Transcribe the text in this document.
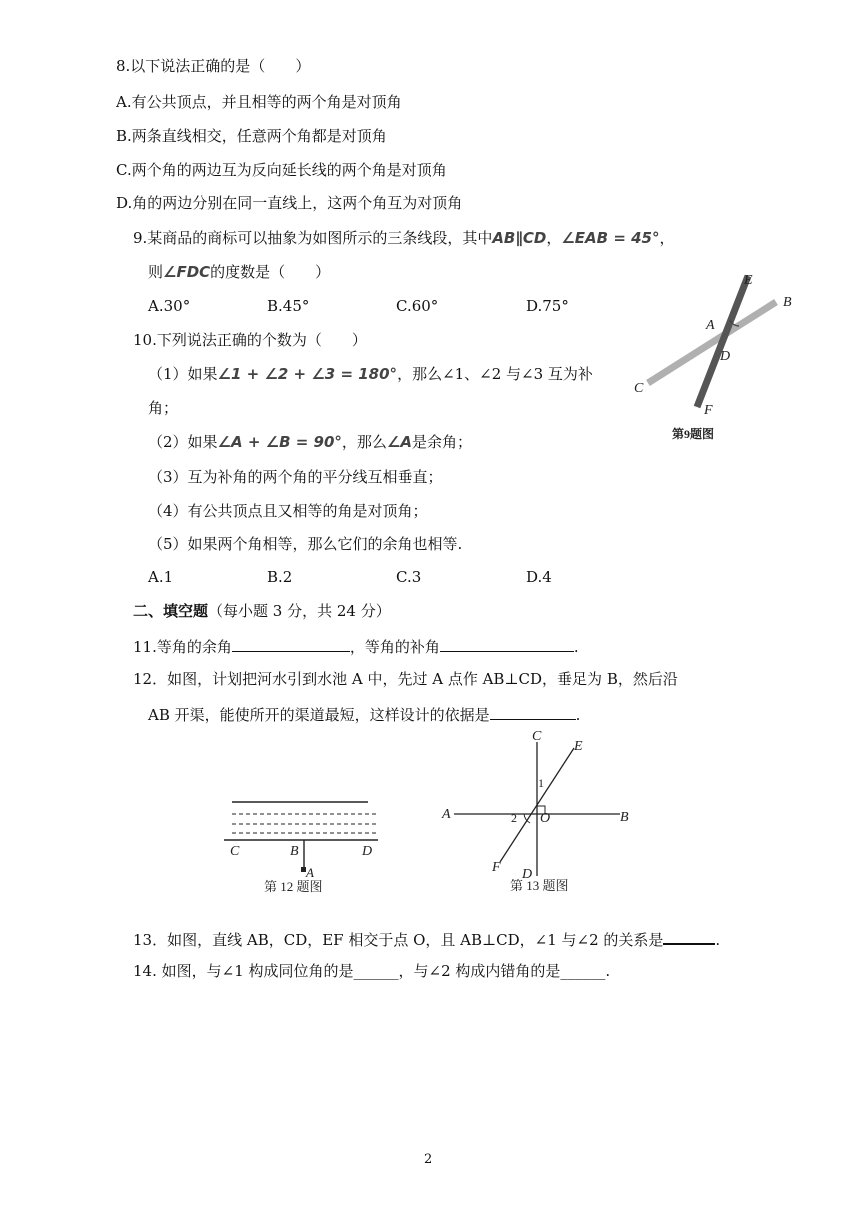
8.以下说法正确的是（　　）
A.有公共顶点，并且相等的两个角是对顶角
B.两条直线相交，任意两个角都是对顶角
C.两个角的两边互为反向延长线的两个角是对顶角
D.角的两边分别在同一直线上，这两个角互为对顶角
9.某商品的商标可以抽象为如图所示的三条线段，其中AB∥CD，∠EAB = 45°，
则∠FDC的度数是（　　）
A.30°	B.45°	C.60°	D.75°
10.下列说法正确的个数为（　　）
（1）如果∠1 + ∠2 + ∠3 = 180°，那么∠1、∠2 与∠3 互为补
角；
（2）如果∠A + ∠B = 90°，那么∠A是余角；
（3）互为补角的两个角的平分线互相垂直；
（4）有公共顶点且又相等的角是对顶角；
（5）如果两个角相等，那么它们的余角也相等.
A.1	B.2	C.3	D.4
E
B
A
D
C
F
第9题图
二、填空题（每小题 3 分，共 24 分）
11.等角的余角	，等角的补角	.
12．如图，计划把河水引到水池 A 中，先过 A 点作 AB⊥CD，垂足为 B，然后沿
AB 开渠，能使所开的渠道最短，这样设计的依据是	.
C	B	D
A
第 12 题图
C
E
1
A	2 O	B
F D
第 13 题图
13．如图，直线 AB，CD，EF 相交于点 O，且 AB⊥CD，∠1 与∠2 的关系是	.
14. 如图，与∠1 构成同位角的是______，与∠2 构成内错角的是______.
2
